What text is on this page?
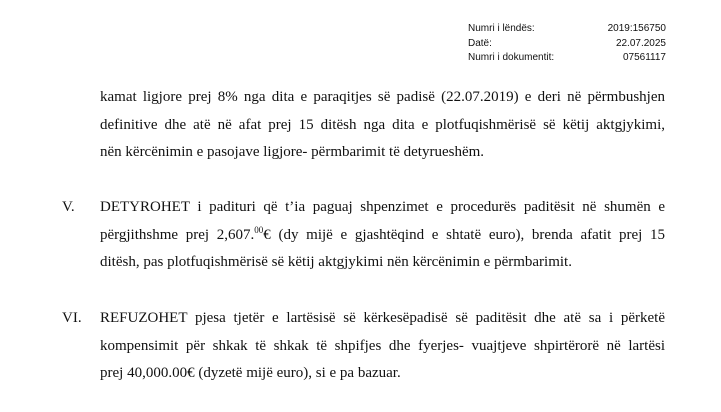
Numri i lëndës:	2019:156750
Datë:	22.07.2025
Numri i dokumentit:	07561117
kamat ligjore prej 8% nga dita e paraqitjes së padisë (22.07.2019) e deri në përmbushjen
definitive dhe atë në afat prej 15 ditësh nga dita e plotfuqishmërisë së këtij aktgjykimi,
nën kërcënimin e pasojave ligjore- përmbarimit të detyrueshëm.
V. DETYROHET i padituri që t’ia paguaj shpenzimet e procedurës paditësit në shumën e
përgjithshme prej 2,607.00€ (dy mijë e gjashtëqind e shtatë euro), brenda afatit prej 15
ditësh, pas plotfuqishmërisë së këtij aktgjykimi nën kërcënimin e përmbarimit.
VI. REFUZOHET pjesa tjetër e lartësisë së kërkesëpadisë së paditësit dhe atë sa i përketë
kompensimit për shkak të shkak të shpifjes dhe fyerjes- vuajtjeve shpirtërorë në lartësi
prej 40,000.00€ (dyzetë mijë euro), si e pa bazuar.
